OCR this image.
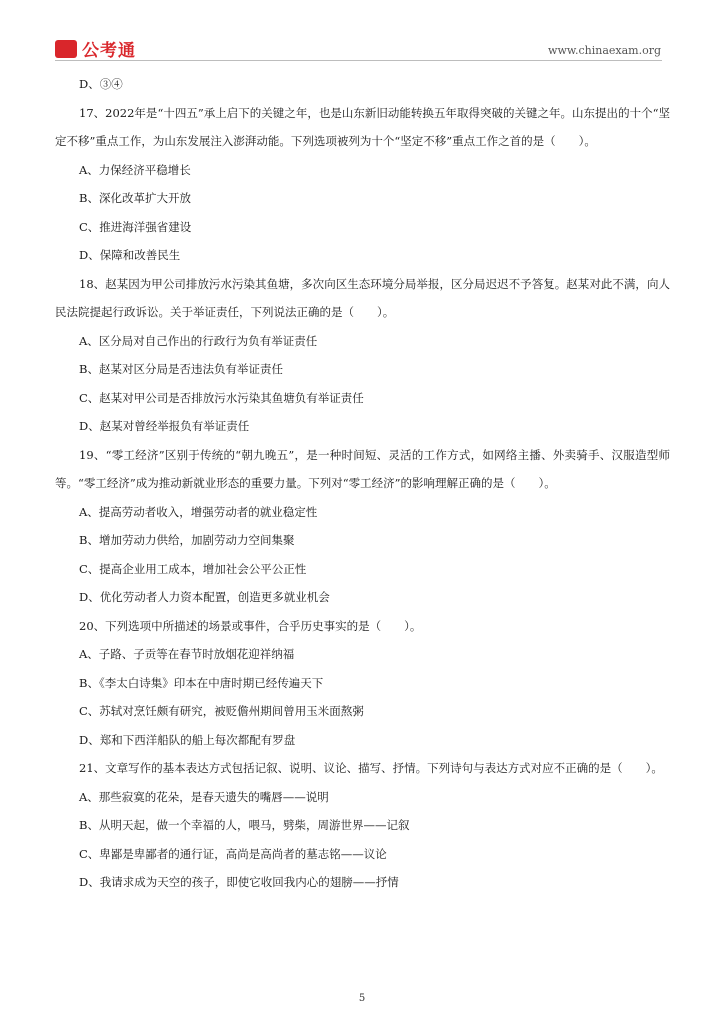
公考通	www.chinaexam.org
D、③④
17、2022年是“十四五”承上启下的关键之年，也是山东新旧动能转换五年取得突破的关键之年。山东提出的十个“坚定不移”重点工作，为山东发展注入澎湃动能。下列选项被列为十个“坚定不移”重点工作之首的是（　　）。
A、力保经济平稳增长
B、深化改革扩大开放
C、推进海洋强省建设
D、保障和改善民生
18、赵某因为甲公司排放污水污染其鱼塘，多次向区生态环境分局举报，区分局迟迟不予答复。赵某对此不满，向人民法院提起行政诉讼。关于举证责任，下列说法正确的是（　　）。
A、区分局对自己作出的行政行为负有举证责任
B、赵某对区分局是否违法负有举证责任
C、赵某对甲公司是否排放污水污染其鱼塘负有举证责任
D、赵某对曾经举报负有举证责任
19、“零工经济”区别于传统的“朝九晚五”，是一种时间短、灵活的工作方式，如网络主播、外卖骑手、汉服造型师等。“零工经济”成为推动新就业形态的重要力量。下列对“零工经济”的影响理解正确的是（　　）。
A、提高劳动者收入，增强劳动者的就业稳定性
B、增加劳动力供给，加剧劳动力空间集聚
C、提高企业用工成本，增加社会公平公正性
D、优化劳动者人力资本配置，创造更多就业机会
20、下列选项中所描述的场景或事件，合乎历史事实的是（　　）。
A、子路、子贡等在春节时放烟花迎祥纳福
B、《李太白诗集》印本在中唐时期已经传遍天下
C、苏轼对烹饪颇有研究，被贬儋州期间曾用玉米面熬粥
D、郑和下西洋船队的船上每次都配有罗盘
21、文章写作的基本表达方式包括记叙、说明、议论、描写、抒情。下列诗句与表达方式对应不正确的是（　　）。
A、那些寂寞的花朵，是春天遗失的嘴唇——说明
B、从明天起，做一个幸福的人，喂马，劈柴，周游世界——记叙
C、卑鄙是卑鄙者的通行证，高尚是高尚者的墓志铭——议论
D、我请求成为天空的孩子，即使它收回我内心的翅膀——抒情
5
